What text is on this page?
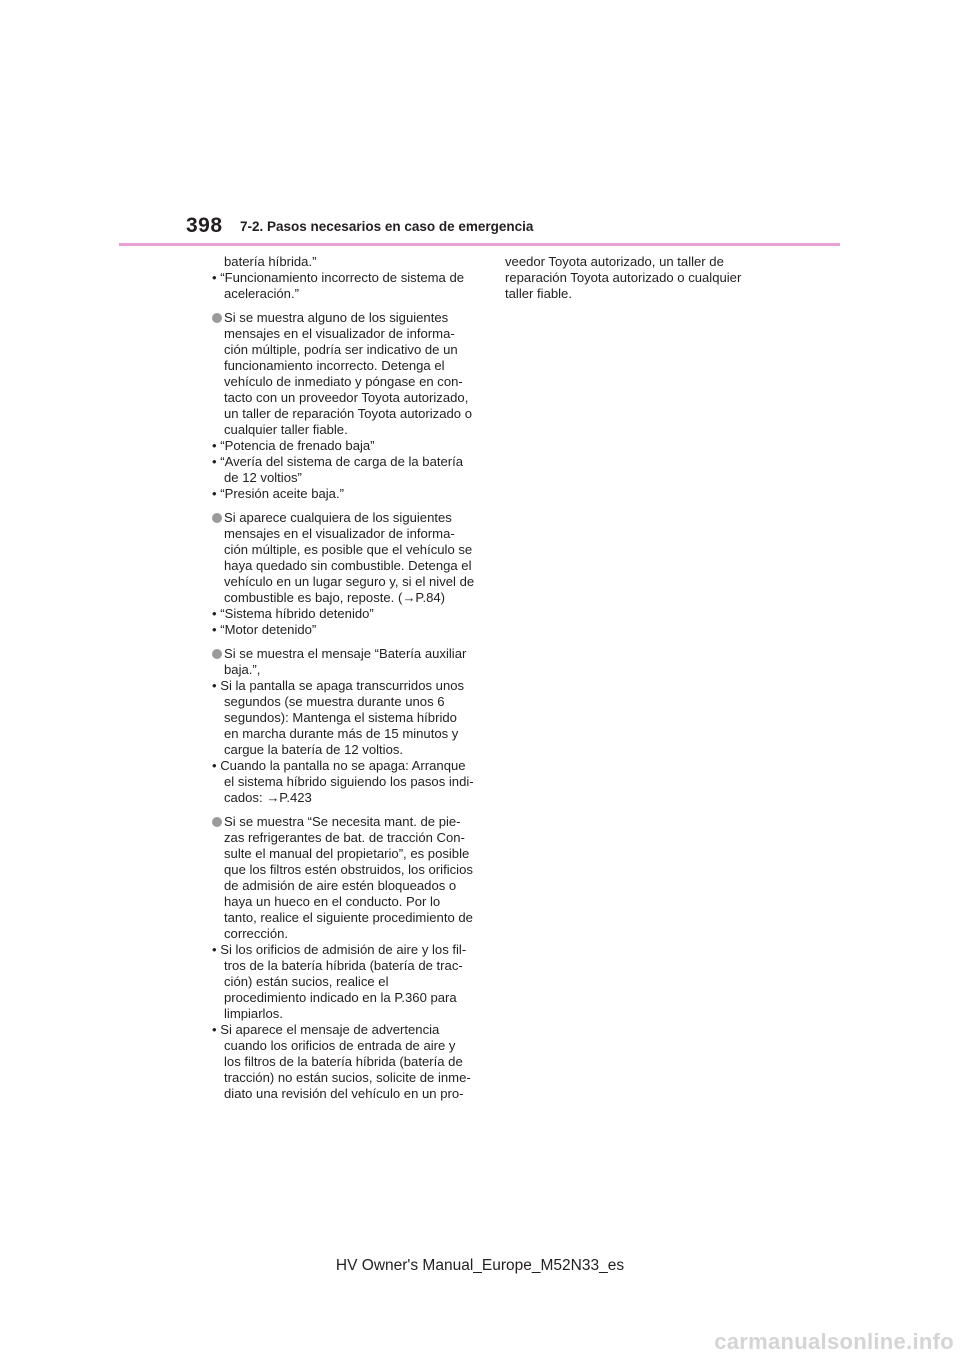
398 7-2. Pasos necesarios en caso de emergencia
batería híbrida.”
• “Funcionamiento incorrecto de sistema de
aceleración.”
Si se muestra alguno de los siguientes
mensajes en el visualizador de informa-
ción múltiple, podría ser indicativo de un
funcionamiento incorrecto. Detenga el
vehículo de inmediato y póngase en con-
tacto con un proveedor Toyota autorizado,
un taller de reparación Toyota autorizado o
cualquier taller fiable.
• “Potencia de frenado baja”
• “Avería del sistema de carga de la batería
de 12 voltios”
• “Presión aceite baja.”
Si aparece cualquiera de los siguientes
mensajes en el visualizador de informa-
ción múltiple, es posible que el vehículo se
haya quedado sin combustible. Detenga el
vehículo en un lugar seguro y, si el nivel de
combustible es bajo, reposte. (→P.84)
• “Sistema híbrido detenido”
• “Motor detenido”
Si se muestra el mensaje “Batería auxiliar
baja.”,
• Si la pantalla se apaga transcurridos unos
segundos (se muestra durante unos 6
segundos): Mantenga el sistema híbrido
en marcha durante más de 15 minutos y
cargue la batería de 12 voltios.
• Cuando la pantalla no se apaga: Arranque
el sistema híbrido siguiendo los pasos indi-
cados: →P.423
Si se muestra “Se necesita mant. de pie-
zas refrigerantes de bat. de tracción Con-
sulte el manual del propietario”, es posible
que los filtros estén obstruidos, los orificios
de admisión de aire estén bloqueados o
haya un hueco en el conducto. Por lo
tanto, realice el siguiente procedimiento de
corrección.
• Si los orificios de admisión de aire y los fil-
tros de la batería híbrida (batería de trac-
ción) están sucios, realice el
procedimiento indicado en la P.360 para
limpiarlos.
• Si aparece el mensaje de advertencia
cuando los orificios de entrada de aire y
los filtros de la batería híbrida (batería de
tracción) no están sucios, solicite de inme-
diato una revisión del vehículo en un pro-
veedor Toyota autorizado, un taller de
reparación Toyota autorizado o cualquier
taller fiable.
HV Owner's Manual_Europe_M52N33_es
carmanualsonline.info
